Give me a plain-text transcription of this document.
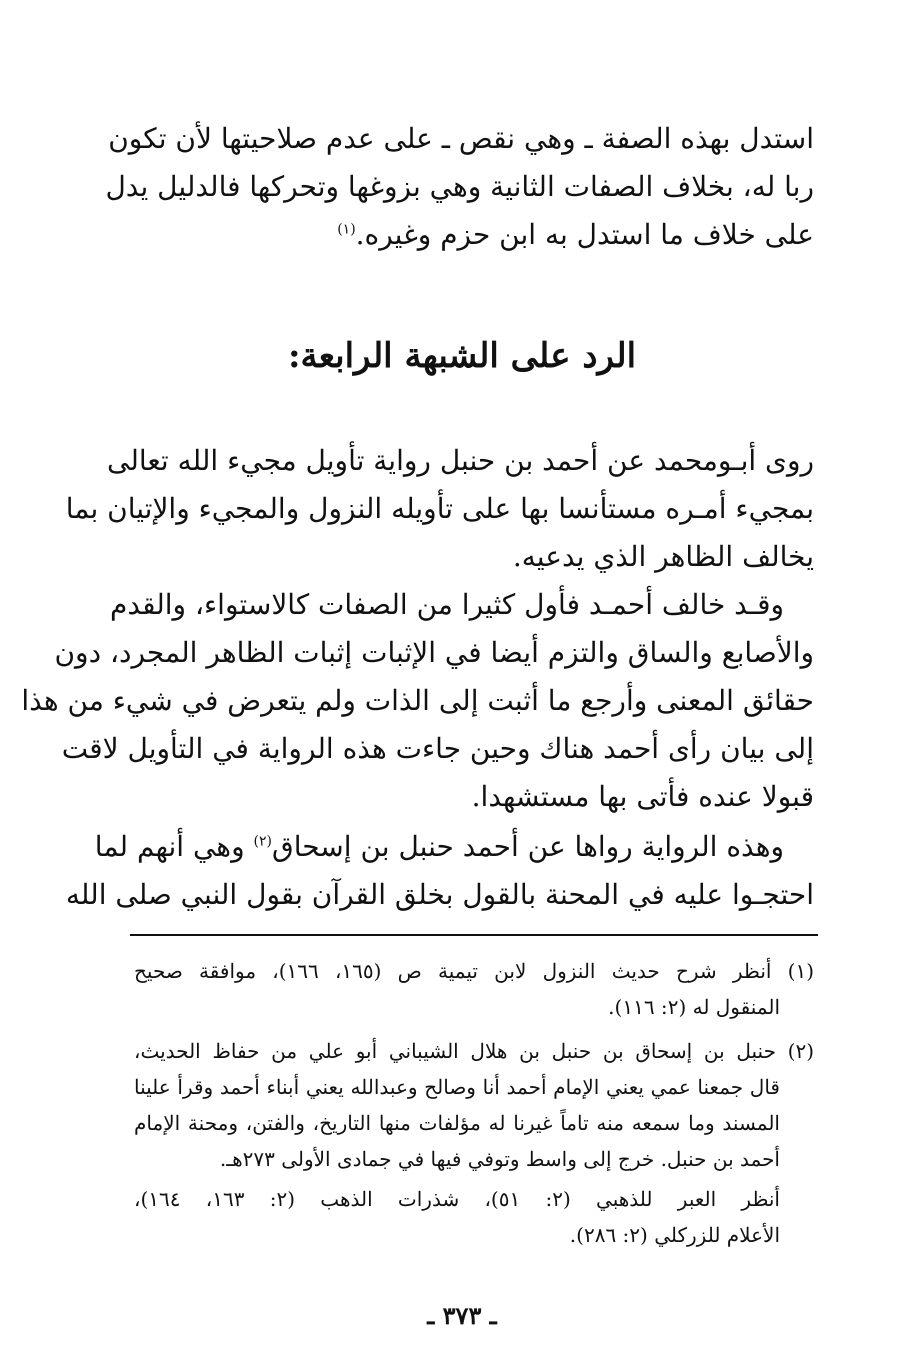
استدل بهذه الصفة ـ وهي نقص ـ على عدم صلاحيتها لأن تكون
ربا له، بخلاف الصفات الثانية وهي بزوغها وتحركها فالدليل يدل
على خلاف ما استدل به ابن حزم وغيره.$^{(١)}$
الرد على الشبهة الرابعة:
روى أبـومحمد عن أحمد بن حنبل رواية تأويل مجيء الله تعالى
بمجيء أمـره مستأنسا بها على تأويله النزول والمجيء والإتيان بما
يخالف الظاهر الذي يدعيه.
وقـد خالف أحمـد فأول كثيرا من الصفات كالاستواء، والقدم
والأصابع والساق والتزم أيضا في الإثبات إثبات الظاهر المجرد، دون
حقائق المعنى وأرجع ما أثبت إلى الذات ولم يتعرض في شيء من هذا
إلى بيان رأى أحمد هناك وحين جاءت هذه الرواية في التأويل لاقت
قبولا عنده فأتى بها مستشهدا.
وهذه الرواية رواها عن أحمد حنبل بن إسحاق$^{(٢)}$ وهي أنهم لما
احتجـوا عليه في المحنة بالقول بخلق القرآن بقول النبي صلى الله
(١) أنظر شرح حديث النزول لابن تيمية ص (١٦٥، ١٦٦)، موافقة صحيح
المنقول له (٢: ١١٦).
(٢) حنبل بن إسحاق بن حنبل بن هلال الشيباني أبو علي من حفاظ الحديث،
قال جمعنا عمي يعني الإمام أحمد أنا وصالح وعبدالله يعني أبناء أحمد وقرأ علينا
المسند وما سمعه منه تاماً غيرنا له مؤلفات منها التاريخ، والفتن، ومحنة الإمام
أحمد بن حنبل. خرج إلى واسط وتوفي فيها في جمادى الأولى ٢٧٣هـ.
أنظر العبر للذهبي (٢: ٥١)، شذرات الذهب (٢: ١٦٣، ١٦٤)،
الأعلام للزركلي (٢: ٢٨٦).
ـ ٣٧٣ ـ
